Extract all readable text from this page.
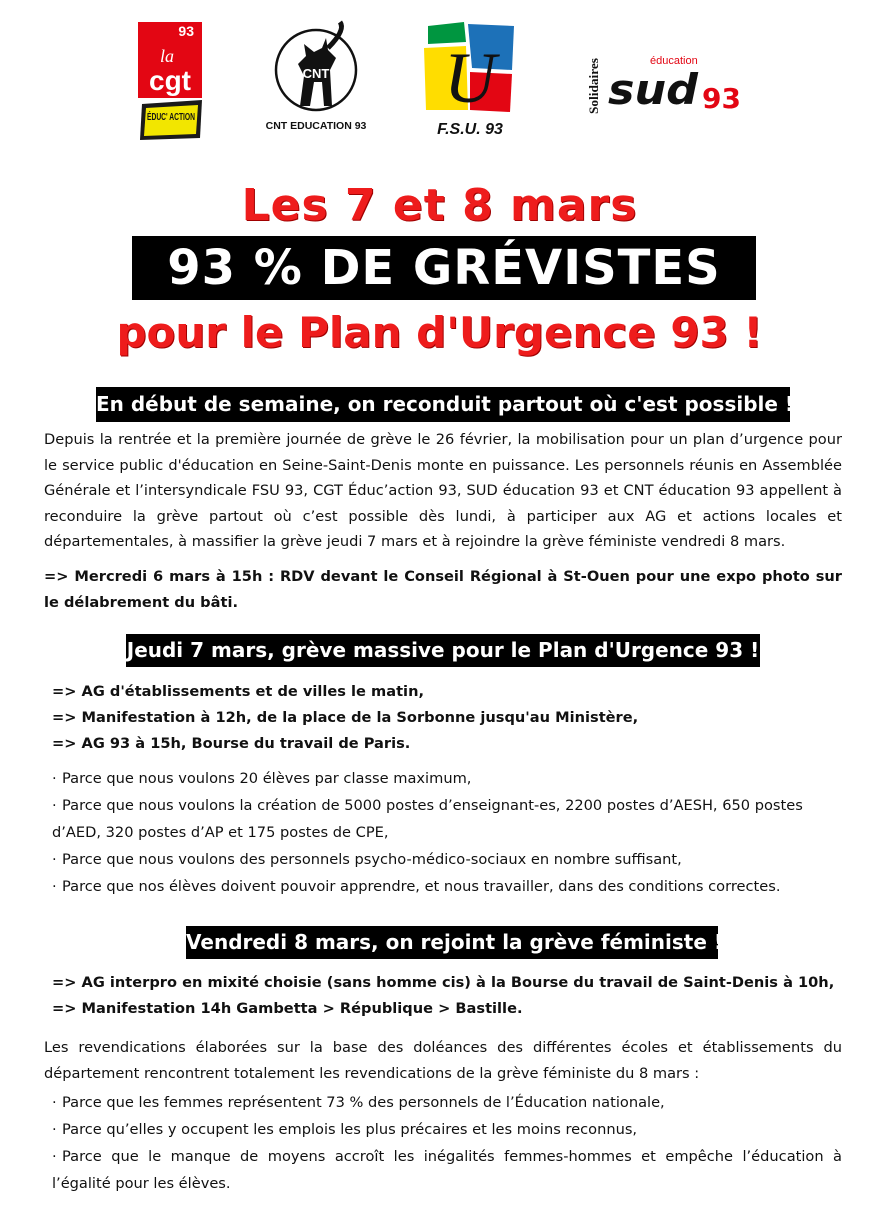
93
la
cgt
ÉDUC' ACTION
CNT
CNT EDUCATION 93
U
F.S.U. 93
Solidaires	éducation
sud 93
Les 7 et 8 mars
93 % DE GRÉVISTES
pour le Plan d'Urgence 93 !
En début de semaine, on reconduit partout où c'est possible !
Depuis la rentrée et la première journée de grève le 26 février, la mobilisation pour un plan d’urgence pour le service public d'éducation en Seine-Saint-Denis monte en puissance. Les personnels réunis en Assemblée Générale et l’intersyndicale FSU 93, CGT Éduc’action 93, SUD éducation 93 et CNT éducation 93 appellent à reconduire la grève partout où c’est possible dès lundi, à participer aux AG et actions locales et départementales, à massifier la grève jeudi 7 mars et à rejoindre la grève féministe vendredi 8 mars.
=> Mercredi 6 mars à 15h : RDV devant le Conseil Régional à St-Ouen pour une expo photo sur le délabrement du bâti.
Jeudi 7 mars, grève massive pour le Plan d'Urgence 93 !
=> AG d'établissements et de villes le matin,
=> Manifestation à 12h, de la place de la Sorbonne jusqu'au Ministère,
=> AG 93 à 15h, Bourse du travail de Paris.
· Parce que nous voulons 20 élèves par classe maximum,
· Parce que nous voulons la création de 5000 postes d’enseignant-es, 2200 postes d’AESH, 650 postes d’AED, 320 postes d’AP et 175 postes de CPE,
· Parce que nous voulons des personnels psycho-médico-sociaux en nombre suffisant,
· Parce que nos élèves doivent pouvoir apprendre, et nous travailler, dans des conditions correctes.
Vendredi 8 mars, on rejoint la grève féministe !
=> AG interpro en mixité choisie (sans homme cis) à la Bourse du travail de Saint-Denis à 10h,
=> Manifestation 14h Gambetta > République > Bastille.
Les revendications élaborées sur la base des doléances des différentes écoles et établissements du département rencontrent totalement les revendications de la grève féministe du 8 mars :
· Parce que les femmes représentent 73 % des personnels de l’Éducation nationale,
· Parce qu’elles y occupent les emplois les plus précaires et les moins reconnus,
· Parce que le manque de moyens accroît les inégalités femmes-hommes et empêche l’éducation à l’égalité pour les élèves.
